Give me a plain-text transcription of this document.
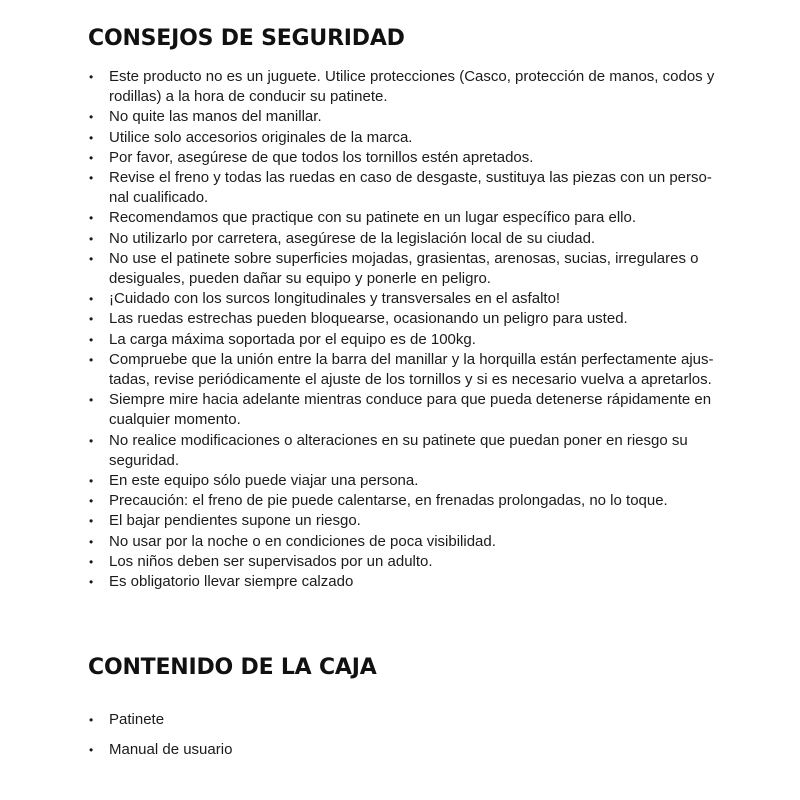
CONSEJOS DE SEGURIDAD
• Este producto no es un juguete. Utilice protecciones (Casco, protección de manos, codos y rodillas) a la hora de conducir su patinete.
• No quite las manos del manillar.
• Utilice solo accesorios originales de la marca.
• Por favor, asegúrese de que todos los tornillos estén apretados.
• Revise el freno y todas las ruedas en caso de desgaste, sustituya las piezas con un perso-nal cualificado.
• Recomendamos que practique con su patinete en un lugar específico para ello.
• No utilizarlo por carretera, asegúrese de la legislación local de su ciudad.
• No use el patinete sobre superficies mojadas, grasientas, arenosas, sucias, irregulares o desiguales, pueden dañar su equipo y ponerle en peligro.
• ¡Cuidado con los surcos longitudinales y transversales en el asfalto!
• Las ruedas estrechas pueden bloquearse, ocasionando un peligro para usted.
• La carga máxima soportada por el equipo es de 100kg.
• Compruebe que la unión entre la barra del manillar y la horquilla están perfectamente ajus-tadas, revise periódicamente el ajuste de los tornillos y si es necesario vuelva a apretarlos.
• Siempre mire hacia adelante mientras conduce para que pueda detenerse rápidamente en cualquier momento.
• No realice modificaciones o alteraciones en su patinete que puedan poner en riesgo su seguridad.
• En este equipo sólo puede viajar una persona.
• Precaución: el freno de pie puede calentarse, en frenadas prolongadas, no lo toque.
• El bajar pendientes supone un riesgo.
• No usar por la noche o en condiciones de poca visibilidad.
• Los niños deben ser supervisados por un adulto.
• Es obligatorio llevar siempre calzado
CONTENIDO DE LA CAJA
• Patinete
• Manual de usuario
